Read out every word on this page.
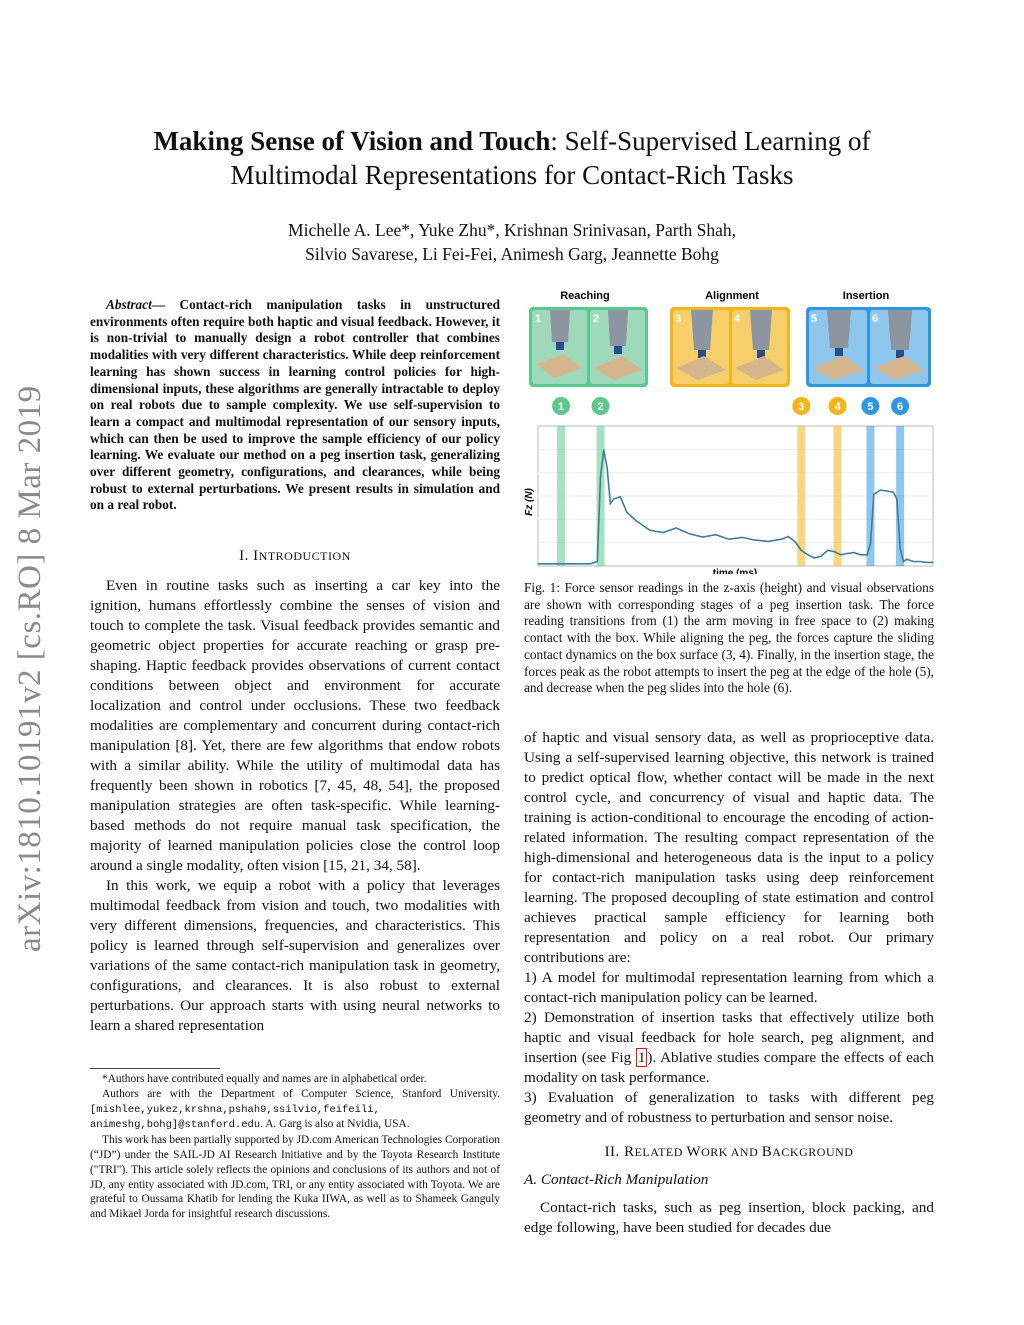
arXiv:1810.10191v2 [cs.RO] 8 Mar 2019
Making Sense of Vision and Touch: Self-Supervised Learning of
Multimodal Representations for Contact-Rich Tasks
Michelle A. Lee*, Yuke Zhu*, Krishnan Srinivasan, Parth Shah,
Silvio Savarese, Li Fei-Fei, Animesh Garg, Jeannette Bohg
Abstract— Contact-rich manipulation tasks in unstructured environments often require both haptic and visual feedback. However, it is non-trivial to manually design a robot controller that combines modalities with very different characteristics. While deep reinforcement learning has shown success in learning control policies for high-dimensional inputs, these algorithms are generally intractable to deploy on real robots due to sample complexity. We use self-supervision to learn a compact and multimodal representation of our sensory inputs, which can then be used to improve the sample efficiency of our policy learning. We evaluate our method on a peg insertion task, generalizing over different geometry, configurations, and clearances, while being robust to external perturbations. We present results in simulation and on a real robot.
I. INTRODUCTION

Even in routine tasks such as inserting a car key into the ignition, humans effortlessly combine the senses of vision and touch to complete the task. Visual feedback provides semantic and geometric object properties for accurate reaching or grasp pre-shaping. Haptic feedback provides observations of current contact conditions between object and environment for accurate localization and control under occlusions. These two feedback modalities are complementary and concurrent during contact-rich manipulation [8]. Yet, there are few algorithms that endow robots with a similar ability. While the utility of multimodal data has frequently been shown in robotics [7, 45, 48, 54], the proposed manipulation strategies are often task-specific. While learning-based methods do not require manual task specification, the majority of learned manipulation policies close the control loop around a single modality, often vision [15, 21, 34, 58].

In this work, we equip a robot with a policy that leverages multimodal feedback from vision and touch, two modalities with very different dimensions, frequencies, and characteristics. This policy is learned through self-supervision and generalizes over variations of the same contact-rich manipulation task in geometry, configurations, and clearances. It is also robust to external perturbations. Our approach starts with using neural networks to learn a shared representation

*Authors have contributed equally and names are in alphabetical order.

Authors are with the Department of Computer Science, Stanford University. [mishlee,yukez,krshna,pshah9,ssilvio,feifeili, animeshg,bohg]@stanford.edu. A. Garg is also at Nvidia, USA.

This work has been partially supported by JD.com American Technologies Corporation (“JD”) under the SAIL-JD AI Research Initiative and by the Toyota Research Institute ("TRI"). This article solely reflects the opinions and conclusions of its authors and not of JD, any entity associated with JD.com, TRI, or any entity associated with Toyota. We are grateful to Oussama Khatib for lending the Kuka IIWA, as well as to Shameek Ganguly and Mikael Jorda for insightful research discussions.

Reaching	Alignment	Insertion
1	2	3	4	5	6
1	2	3	4 5 6
Fz (N)
time (ms)
Fig. 1: Force sensor readings in the z-axis (height) and visual observations are shown with corresponding stages of a peg insertion task. The force reading transitions from (1) the arm moving in free space to (2) making contact with the box. While aligning the peg, the forces capture the sliding contact dynamics on the box surface (3, 4). Finally, in the insertion stage, the forces peak as the robot attempts to insert the peg at the edge of the hole (5), and decrease when the peg slides into the hole (6).

of haptic and visual sensory data, as well as proprioceptive data. Using a self-supervised learning objective, this network is trained to predict optical flow, whether contact will be made in the next control cycle, and concurrency of visual and haptic data. The training is action-conditional to encourage the encoding of action-related information. The resulting compact representation of the high-dimensional and heterogeneous data is the input to a policy for contact-rich manipulation tasks using deep reinforcement learning. The proposed decoupling of state estimation and control achieves practical sample efficiency for learning both representation and policy on a real robot. Our primary contributions are:

1) A model for multimodal representation learning from which a contact-rich manipulation policy can be learned.
2) Demonstration of insertion tasks that effectively utilize both haptic and visual feedback for hole search, peg alignment, and insertion (see Fig 1 ). Ablative studies compare the effects of each modality on task performance.
3) Evaluation of generalization to tasks with different peg geometry and of robustness to perturbation and sensor noise.
II. RELATED WORK AND BACKGROUND
A. Contact-Rich Manipulation

Contact-rich tasks, such as peg insertion, block packing, and edge following, have been studied for decades due
